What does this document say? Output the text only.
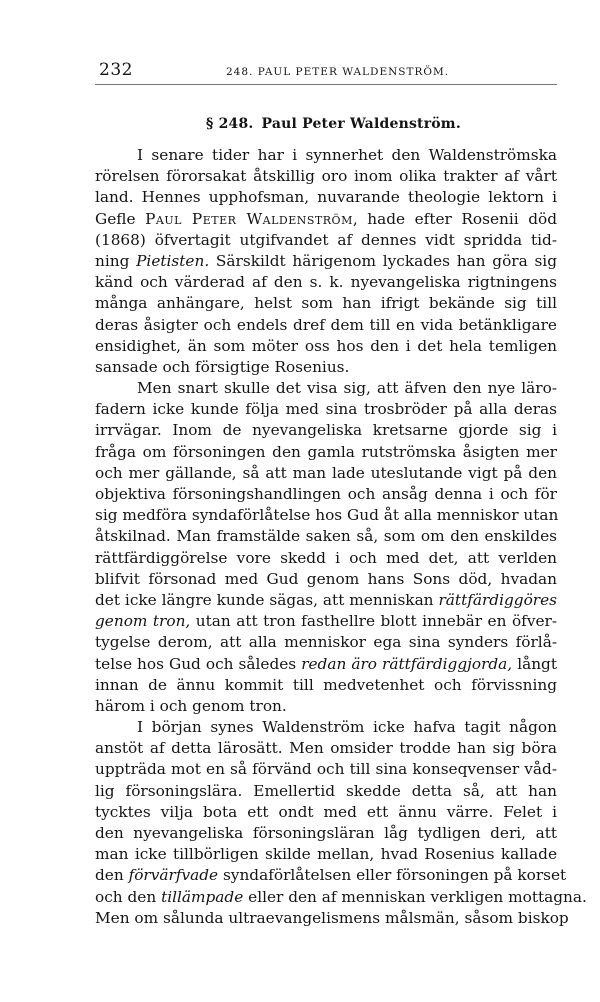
232	248. PAUL PETER WALDENSTRÖM.
§ 248. Paul Peter Waldenström.
I senare tider har i synnerhet den Waldenströmska
rörelsen förorsakat åtskillig oro inom olika trakter af vårt
land. Hennes upphofsman, nuvarande theologie lektorn i
Gefle Paul Peter Waldenström, hade efter Rosenii död
(1868) öfvertagit utgifvandet af dennes vidt spridda tid-
ning Pietisten. Särskildt härigenom lyckades han göra sig
känd och värderad af den s. k. nyevangeliska rigtningens
många anhängare, helst som han ifrigt bekände sig till
deras åsigter och endels dref dem till en vida betänkligare
ensidighet, än som möter oss hos den i det hela temligen
sansade och försigtige Rosenius.
Men snart skulle det visa sig, att äfven den nye läro-
fadern icke kunde följa med sina trosbröder på alla deras
irrvägar. Inom de nyevangeliska kretsarne gjorde sig i
fråga om försoningen den gamla rutströmska åsigten mer
och mer gällande, så att man lade uteslutande vigt på den
objektiva försoningshandlingen och ansåg denna i och för
sig medföra syndaförlåtelse hos Gud åt alla menniskor utan
åtskilnad. Man framstälde saken så, som om den enskildes
rättfärdiggörelse vore skedd i och med det, att verlden
blifvit försonad med Gud genom hans Sons död, hvadan
det icke längre kunde sägas, att menniskan rättfärdiggöres
genom tron, utan att tron fasthellre blott innebär en öfver-
tygelse derom, att alla menniskor ega sina synders förlå-
telse hos Gud och således redan äro rättfärdiggjorda, långt
innan de ännu kommit till medvetenhet och förvissning
härom i och genom tron.
I början synes Waldenström icke hafva tagit någon
anstöt af detta lärosätt. Men omsider trodde han sig böra
uppträda mot en så förvänd och till sina konseqvenser våd-
lig försoningslära. Emellertid skedde detta så, att han
tycktes vilja bota ett ondt med ett ännu värre. Felet i
den nyevangeliska försoningsläran låg tydligen deri, att
man icke tillbörligen skilde mellan, hvad Rosenius kallade
den förvärfvade syndaförlåtelsen eller försoningen på korset
och den tillämpade eller den af menniskan verkligen mottagna.
Men om sålunda ultraevangelismens målsmän, såsom biskop
